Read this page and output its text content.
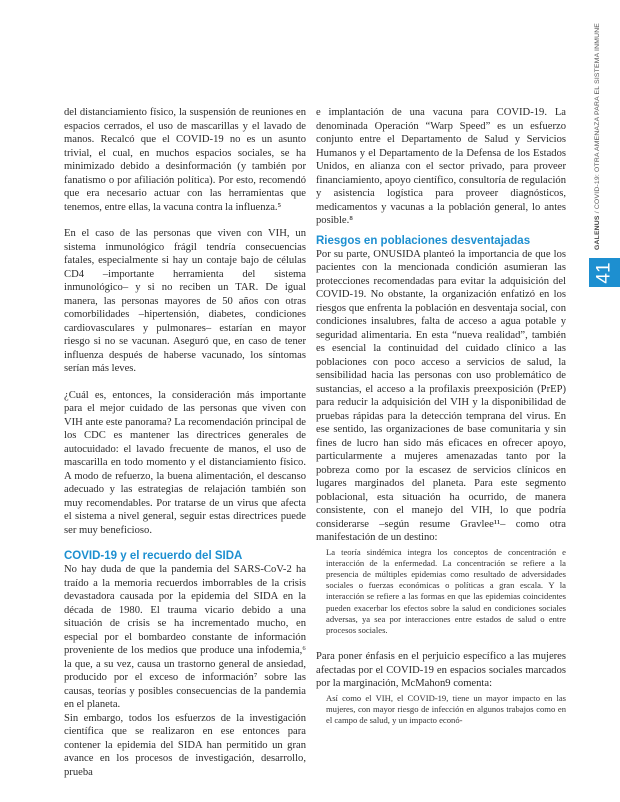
del distanciamiento físico, la suspensión de reuniones en espacios cerrados, el uso de mascarillas y el lavado de manos. Recalcó que el COVID-19 no es un asunto trivial, el cual, en muchos espacios sociales, se ha minimizado debido a desinformación (y también por fanatismo o por afiliación política). Por esto, recomendó que era necesario actuar con las herramientas que tenemos, entre ellas, la vacuna contra la influenza.⁵

En el caso de las personas que viven con VIH, un sistema inmunológico frágil tendría consecuencias fatales, especialmente si hay un contaje bajo de células CD4 –importante herramienta del sistema inmunológico– y si no reciben un TAR. De igual manera, las personas mayores de 50 años con otras comorbilidades –hipertensión, diabetes, condiciones cardiovasculares y pulmonares– estarían en mayor riesgo si no se vacunan. Aseguró que, en caso de tener influenza después de haberse vacunado, los síntomas serían más leves.

¿Cuál es, entonces, la consideración más importante para el mejor cuidado de las personas que viven con VIH ante este panorama? La recomendación principal de los CDC es mantener las directrices generales de autocuidado: el lavado frecuente de manos, el uso de mascarilla en todo momento y el distanciamiento físico. A modo de refuerzo, la buena alimentación, el descanso adecuado y las estrategias de relajación también son muy recomendables. Por tratarse de un virus que afecta el sistema a nivel general, seguir estas directrices puede ser muy beneficioso.

COVID-19 y el recuerdo del SIDA

No hay duda de que la pandemia del SARS-CoV-2 ha traído a la memoria recuerdos imborrables de la crisis devastadora causada por la epidemia del SIDA en la década de 1980. El trauma vicario debido a una situación de crisis se ha incrementado mucho, en especial por el bombardeo constante de información proveniente de los medios que produce una infodemia,⁶ la que, a su vez, causa un trastorno general de ansiedad, producido por el exceso de información⁷ sobre las causas, teorías y posibles consecuencias de la pandemia en el planeta.

Sin embargo, todos los esfuerzos de la investigación científica que se realizaron en ese entonces para contener la epidemia del SIDA han permitido un gran avance en los procesos de investigación, desarrollo, prueba

e implantación de una vacuna para COVID-19. La denominada Operación “Warp Speed” es un esfuerzo conjunto entre el Departamento de Salud y Servicios Humanos y el Departamento de la Defensa de los Estados Unidos, en alianza con el sector privado, para proveer financiamiento, apoyo científico, consultoría de regulación y asistencia logística para proveer diagnósticos, medicamentos y vacunas a la población general, lo antes posible.⁸

Riesgos en poblaciones desventajadas

Por su parte, ONUSIDA planteó la importancia de que los pacientes con la mencionada condición asumieran las protecciones recomendadas para evitar la adquisición del COVID-19. No obstante, la organización enfatizó en los riesgos que enfrenta la población en desventaja social, con condiciones insalubres, falta de acceso a agua potable y seguridad alimentaria. En esta “nueva realidad”, también es esencial la continuidad del cuidado clínico a las poblaciones con poco acceso a servicios de salud, la sensibilidad hacia las personas con uso problemático de sustancias, el acceso a la profilaxis preexposición (PrEP) para reducir la adquisición del VIH y la disponibilidad de pruebas rápidas para la detección temprana del virus. En ese sentido, las organizaciones de base comunitaria y sin fines de lucro han sido más eficaces en ofrecer apoyo, particularmente a mujeres amenazadas tanto por la pobreza como por la escasez de servicios clínicos en lugares marginados del planeta. Para este segmento poblacional, esta situación ha ocurrido, de manera consistente, con el manejo del VIH, lo que podría considerarse –según resume Gravlee¹¹– como otra manifestación de un destino:

La teoría sindémica integra los conceptos de concentración e interacción de la enfermedad. La concentración se refiere a la presencia de múltiples epidemias como resultado de adversidades sociales o fuerzas económicas o políticas a gran escala. Y la interacción se refiere a las formas en que las epidemias coincidentes pueden exacerbar los efectos sobre la salud en condiciones sociales adversas, ya sea por interacciones entre estados de salud o entre procesos sociales.

Para poner énfasis en el perjuicio específico a las mujeres afectadas por el COVID-19 en espacios sociales marcados por la marginación, McMahon9 comenta:

Así como el VIH, el COVID-19, tiene un mayor impacto en las mujeres, con mayor riesgo de infección en algunos trabajos como en el campo de salud, y un impacto econó-
41
GALENUS / COVID-19: OTRA AMENAZA PARA EL SISTEMA INMUNE
